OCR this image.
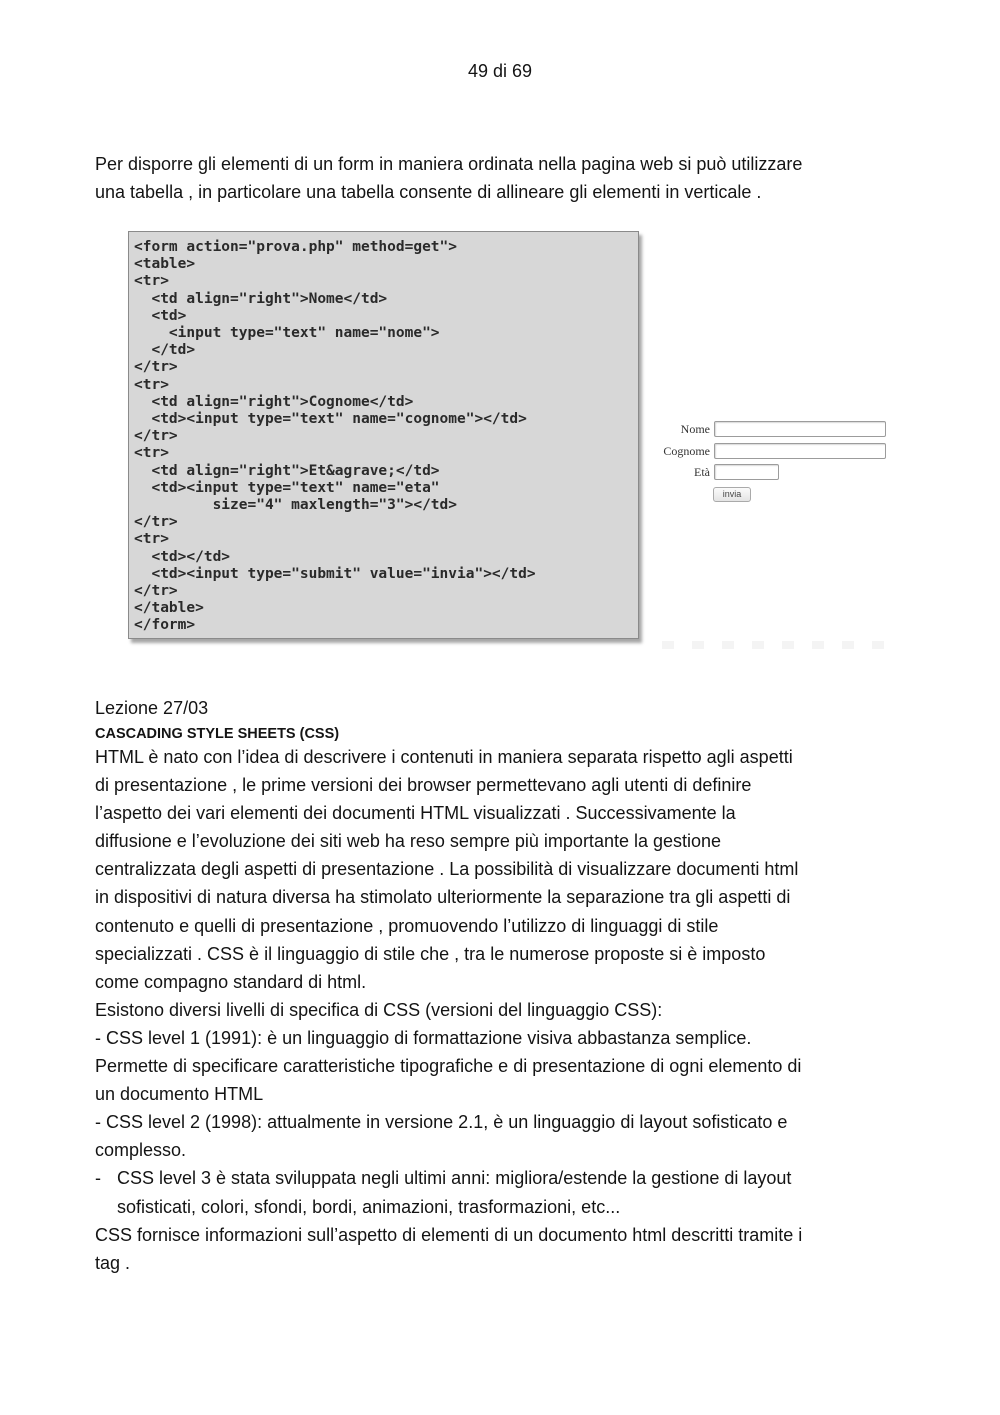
49 di 69

Per disporre gli elementi di un form in maniera ordinata nella pagina web si può utilizzare
una tabella , in particolare una tabella consente di allineare gli elementi in verticale .

<form action="prova.php" method=get">
<table>
<tr>
<td align="right">Nome</td>
<td>
<input type="text" name="nome">
</td>
</tr>
<tr>
<td align="right">Cognome</td>
<td><input type="text" name="cognome"></td>
</tr>
<tr>
<td align="right">Et&agrave;</td>
<td><input type="text" name="eta"
size="4" maxlength="3"></td>
</tr>
<tr>
<td></td>
<td><input type="submit" value="invia"></td>
</tr>
</table>
</form>
Nome
Cognome
Età
invia
Lezione 27/03
CASCADING STYLE SHEETS (CSS)
HTML è nato con l’idea di descrivere i contenuti in maniera separata rispetto agli aspetti
di presentazione , le prime versioni dei browser permettevano agli utenti di definire
l’aspetto dei vari elementi dei documenti HTML visualizzati . Successivamente la
diffusione e l’evoluzione dei siti web ha reso sempre più importante la gestione
centralizzata degli aspetti di presentazione . La possibilità di visualizzare documenti html
in dispositivi di natura diversa ha stimolato ulteriormente la separazione tra gli aspetti di
contenuto e quelli di presentazione , promuovendo l’utilizzo di linguaggi di stile
specializzati . CSS è il linguaggio di stile che , tra le numerose proposte si è imposto
come compagno standard di html.
Esistono diversi livelli di specifica di CSS (versioni del linguaggio CSS):
- CSS level 1 (1991): è un linguaggio di formattazione visiva abbastanza semplice.
Permette di specificare caratteristiche tipografiche e di presentazione di ogni elemento di
un documento HTML
- CSS level 2 (1998): attualmente in versione 2.1, è un linguaggio di layout sofisticato e
complesso.
- CSS level 3 è stata sviluppata negli ultimi anni: migliora/estende la gestione di layout
sofisticati, colori, sfondi, bordi, animazioni, trasformazioni, etc...
CSS fornisce informazioni sull’aspetto di elementi di un documento html descritti tramite i
tag .
